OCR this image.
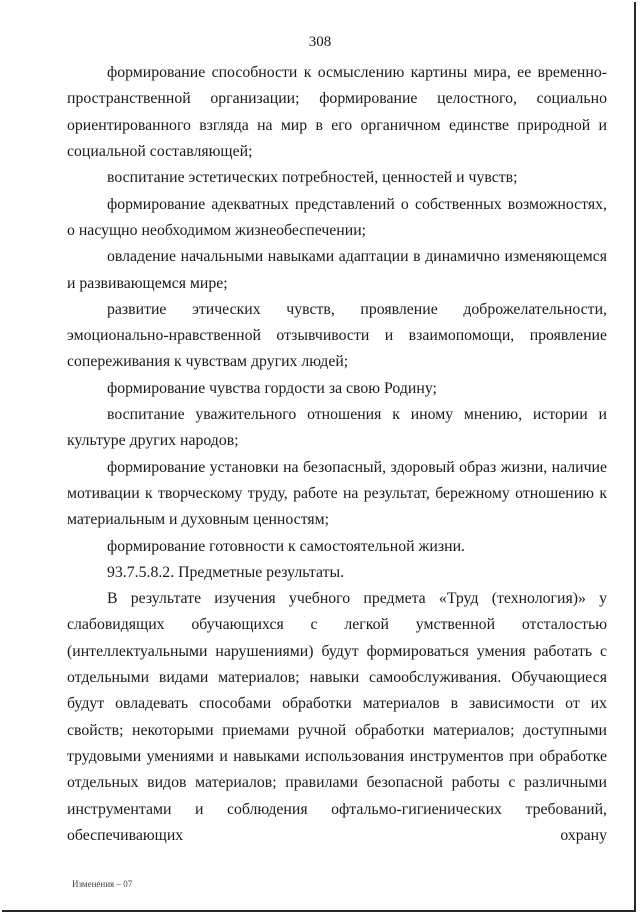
308

формирование способности к осмыслению картины мира, ее временно-пространственной организации; формирование целостного, социально ориентированного взгляда на мир в его органичном единстве природной и социальной составляющей;

воспитание эстетических потребностей, ценностей и чувств;

формирование адекватных представлений о собственных возможностях, о насущно необходимом жизнеобеспечении;

овладение начальными навыками адаптации в динамично изменяющемся и развивающемся мире;

развитие этических чувств, проявление доброжелательности, эмоционально-нравственной отзывчивости и взаимопомощи, проявление сопереживания к чувствам других людей;

формирование чувства гордости за свою Родину;

воспитание уважительного отношения к иному мнению, истории и культуре других народов;

формирование установки на безопасный, здоровый образ жизни, наличие мотивации к творческому труду, работе на результат, бережному отношению к материальным и духовным ценностям;

формирование готовности к самостоятельной жизни.

93.7.5.8.2. Предметные результаты.

В результате изучения учебного предмета «Труд (технология)» у слабовидящих обучающихся с легкой умственной отсталостью (интеллектуальными нарушениями) будут формироваться умения работать с отдельными видами материалов; навыки самообслуживания. Обучающиеся будут овладевать способами обработки материалов в зависимости от их свойств; некоторыми приемами ручной обработки материалов; доступными трудовыми умениями и навыками использования инструментов при обработке отдельных видов материалов; правилами безопасной работы с различными инструментами и соблюдения офтальмо-гигиенических требований, обеспечивающих охрану

Изменения – 07
